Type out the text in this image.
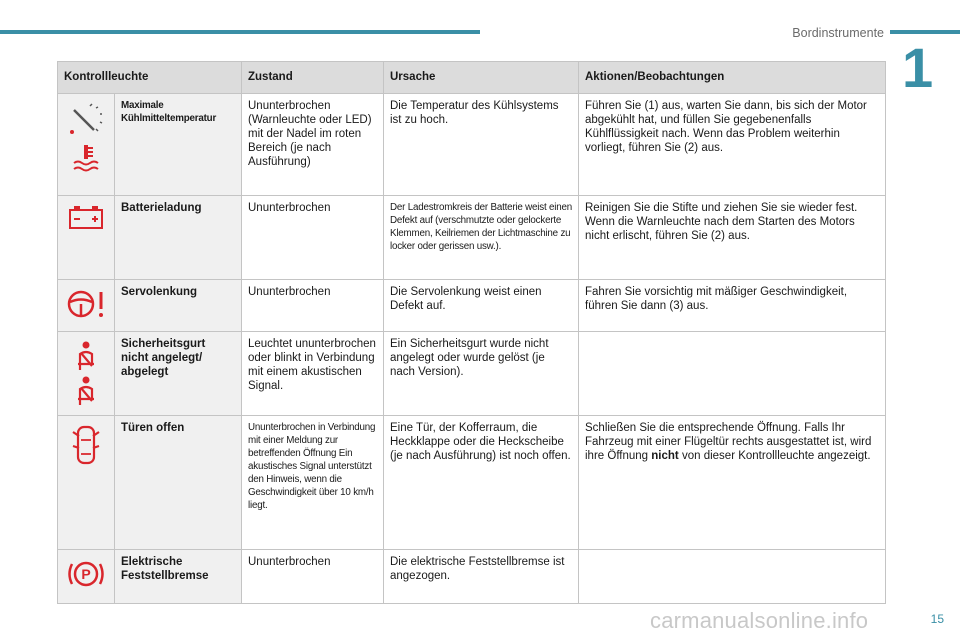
Bordinstrumente
1
Kontrollleuchte		Zustand	Ursache	Aktionen/Beobachtungen

	Maximale Kühlmitteltemperatur	Ununterbrochen (Warnleuchte oder LED) mit der Nadel im roten Bereich (je nach Ausführung)	Die Temperatur des Kühlsystems ist zu hoch.	Führen Sie (1) aus, warten Sie dann, bis sich der Motor abgekühlt hat, und füllen Sie gegebenenfalls Kühlflüssigkeit nach. Wenn das Problem weiterhin vorliegt, führen Sie (2) aus.

	Batterieladung	Ununterbrochen	Der Ladestromkreis der Batterie weist einen Defekt auf (verschmutzte oder gelockerte Klemmen, Keilriemen der Lichtmaschine zu locker oder gerissen usw.).	Reinigen Sie die Stifte und ziehen Sie sie wieder fest. Wenn die Warnleuchte nach dem Starten des Motors nicht erlischt, führen Sie (2) aus.

	Servolenkung	Ununterbrochen	Die Servolenkung weist einen Defekt auf.	Fahren Sie vorsichtig mit mäßiger Geschwindigkeit, führen Sie dann (3) aus.

	Sicherheitsgurt nicht angelegt/ abgelegt	Leuchtet ununterbrochen oder blinkt in Verbindung mit einem akustischen Signal.	Ein Sicherheitsgurt wurde nicht angelegt oder wurde gelöst (je nach Version).	

	Türen offen	Ununterbrochen in Verbindung mit einer Meldung zur betreffenden Öffnung Ein akustisches Signal unterstützt den Hinweis, wenn die Geschwindigkeit über 10 km/h liegt.	Eine Tür, der Kofferraum, die Heckklappe oder die Heckscheibe (je nach Ausführung) ist noch offen.	Schließen Sie die entsprechende Öffnung. Falls Ihr Fahrzeug mit einer Flügeltür rechts ausgestattet ist, wird ihre Öffnung nicht von dieser Kontrollleuchte angezeigt.

P	Elektrische Feststellbremse	Ununterbrochen	Die elektrische Feststellbremse ist angezogen.	
carmanualsonline.info	15
